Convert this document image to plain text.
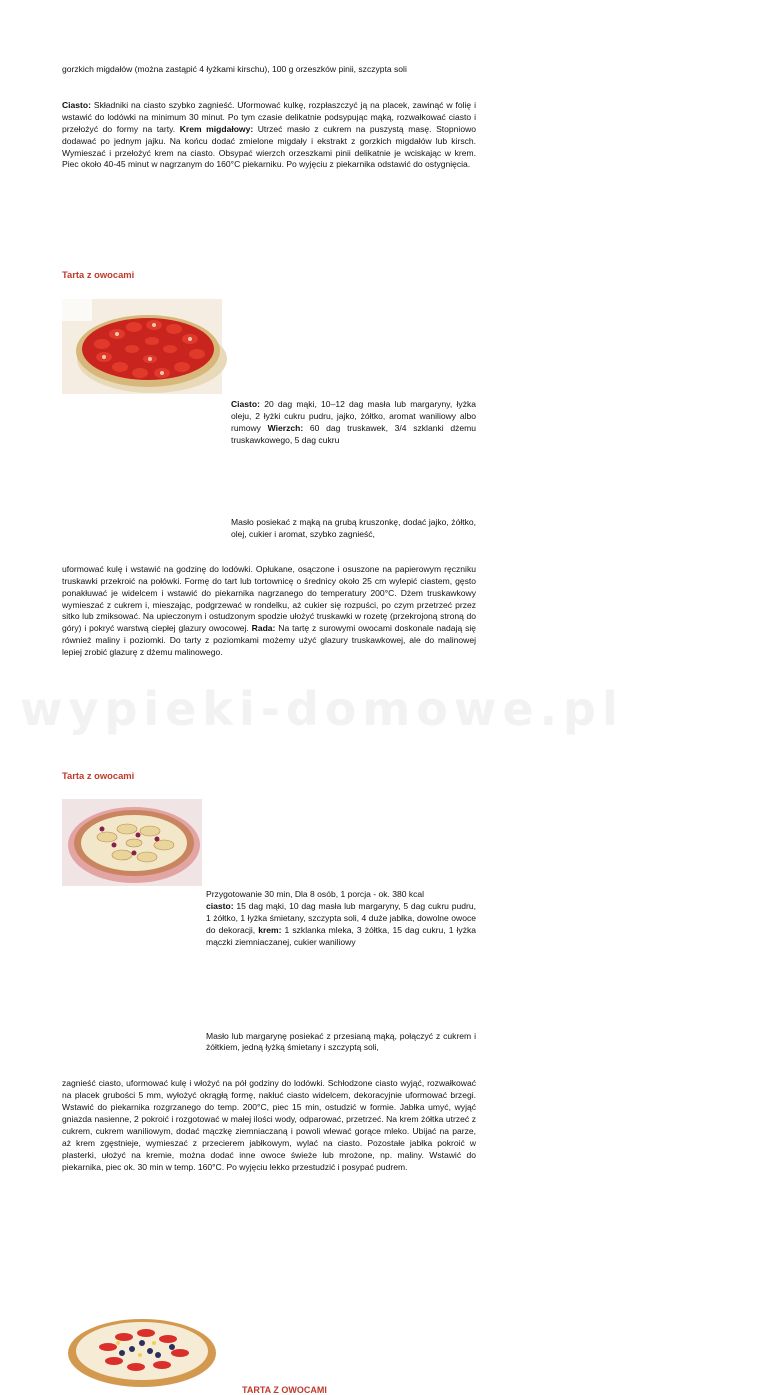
wypieki-domowe.pl

gorzkich migdałów (można zastąpić 4 łyżkami kirschu), 100 g orzeszków pinii, szczypta soli

Ciasto: Składniki na ciasto szybko zagnieść. Uformować kulkę, rozpłaszczyć ją na placek, zawinąć w folię i wstawić do lodówki na minimum 30 minut. Po tym czasie delikatnie podsypując mąką, rozwałkować ciasto i przełożyć do formy na tarty. Krem migdałowy: Utrzeć masło z cukrem na puszystą masę. Stopniowo dodawać po jednym jajku. Na końcu dodać zmielone migdały i ekstrakt z gorzkich migdałów lub kirsch. Wymieszać i przełożyć krem na ciasto. Obsypać wierzch orzeszkami pinii delikatnie je wciskając w krem. Piec około 40-45 minut w nagrzanym do 160°C piekarniku. Po wyjęciu z piekarnika odstawić do ostygnięcia.

Tarta z owocami

Ciasto: 20 dag mąki, 10–12 dag masła lub margaryny, łyżka oleju, 2 łyżki cukru pudru, jajko, żółtko, aromat waniliowy albo rumowy Wierzch: 60 dag truskawek, 3/4 szklanki dżemu truskawkowego, 5 dag cukru

Masło posiekać z mąką na grubą kruszonkę, dodać jajko, żółtko, olej, cukier i aromat, szybko zagnieść,

uformować kulę i wstawić na godzinę do lodówki. Opłukane, osączone i osuszone na papierowym ręczniku truskawki przekroić na połówki. Formę do tart lub tortownicę o średnicy około 25 cm wylepić ciastem, gęsto ponakłuwać je widelcem i wstawić do piekarnika nagrzanego do temperatury 200°C. Dżem truskawkowy wymieszać z cukrem i, mieszając, podgrzewać w rondelku, aż cukier się rozpuści, po czym przetrzeć przez sitko lub zmiksować. Na upieczonym i ostudzonym spodzie ułożyć truskawki w rozetę (przekrojoną stroną do góry) i pokryć warstwą ciepłej glazury owocowej. Rada: Na tartę z surowymi owocami doskonale nadają się również maliny i poziomki. Do tarty z poziomkami możemy użyć glazury truskawkowej, ale do malinowej lepiej zrobić glazurę z dżemu malinowego.

Tarta z owocami

Przygotowanie 30 min, Dla 8 osób, 1 porcja - ok. 380 kcal

ciasto: 15 dag mąki, 10 dag masła lub margaryny, 5 dag cukru pudru, 1 żółtko, 1 łyżka śmietany, szczypta soli, 4 duże jabłka, dowolne owoce do dekoracji, krem: 1 szklanka mleka, 3 żółtka, 15 dag cukru, 1 łyżka mączki ziemniaczanej, cukier waniliowy

Masło lub margarynę posiekać z przesianą mąką, połączyć z cukrem i żółtkiem, jedną łyżką śmietany i szczyptą soli,

zagnieść ciasto, uformować kulę i włożyć na pół godziny do lodówki. Schłodzone ciasto wyjąć, rozwałkować na placek grubości 5 mm, wyłożyć okrągłą formę, nakłuć ciasto widelcem, dekoracyjnie uformować brzegi. Wstawić do piekarnika rozgrzanego do temp. 200°C, piec 15 min, ostudzić w formie. Jabłka umyć, wyjąć gniazda nasienne, 2 pokroić i rozgotować w małej ilości wody, odparować, przetrzeć. Na krem żółtka utrzeć z cukrem, cukrem waniliowym, dodać mączkę ziemniaczaną i powoli wlewać gorące mleko. Ubijać na parze, aż krem zgęstnieje, wymieszać z przecierem jabłkowym, wylać na ciasto. Pozostałe jabłka pokroić w plasterki, ułożyć na kremie, można dodać inne owoce świeże lub mrożone, np. maliny. Wstawić do piekarnika, piec ok. 30 min w temp. 160°C. Po wyjęciu lekko przestudzić i posypać pudrem.

TARTA Z OWOCAMI
